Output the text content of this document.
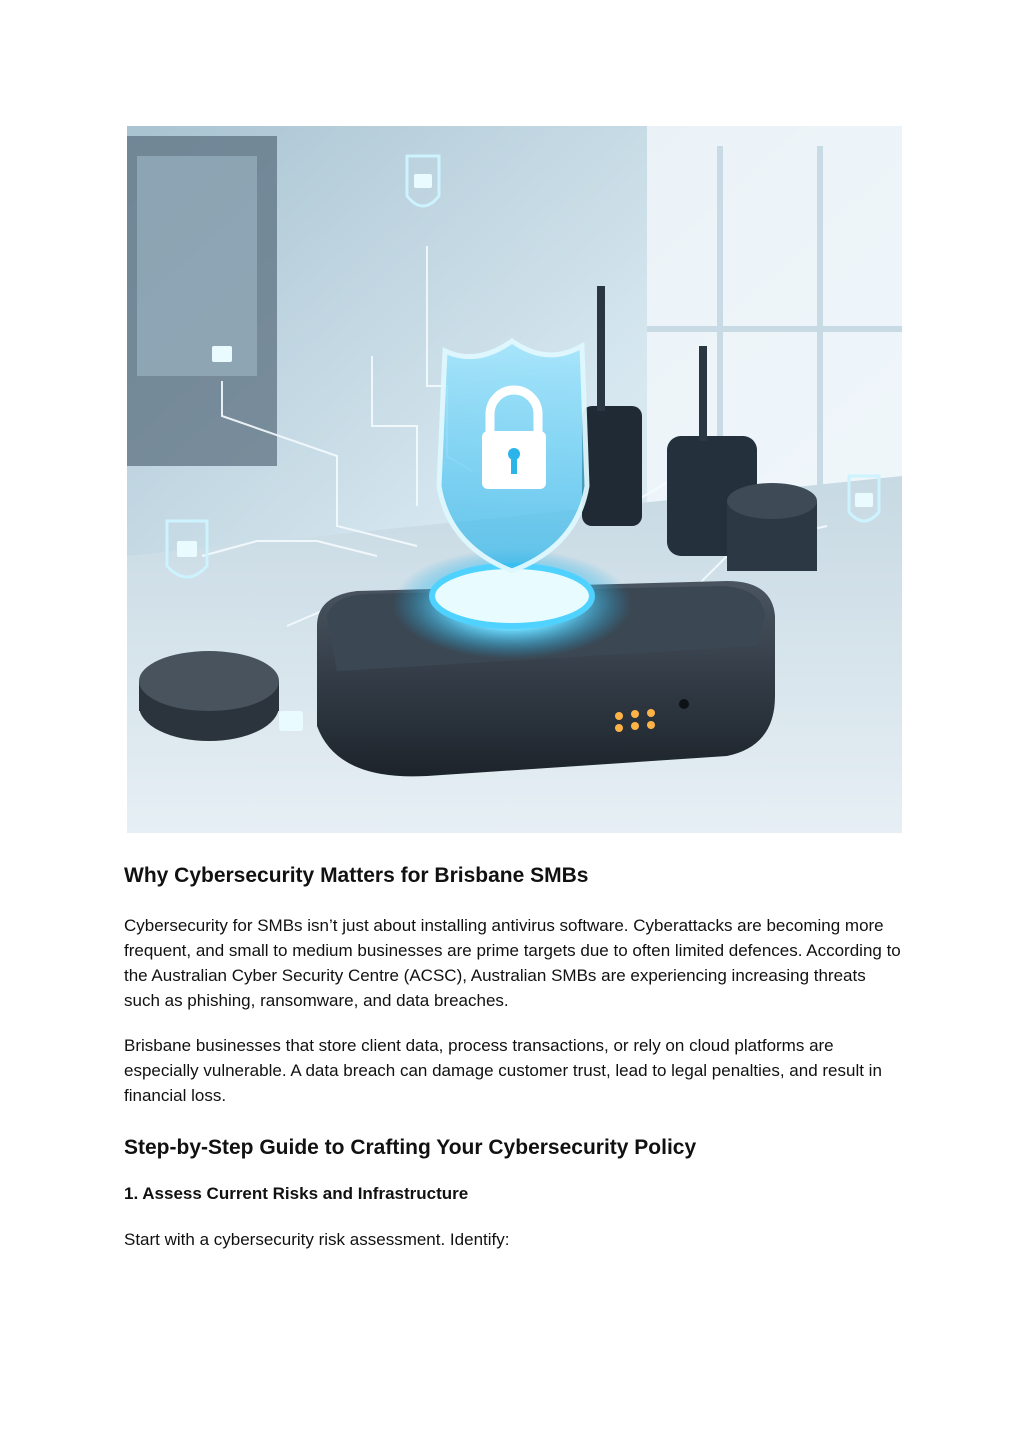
Why Cybersecurity Matters for Brisbane SMBs

Cybersecurity for SMBs isn’t just about installing antivirus software. Cyberattacks are becoming more frequent, and small to medium businesses are prime targets due to often limited defences. According to the Australian Cyber Security Centre (ACSC), Australian SMBs are experiencing increasing threats such as phishing, ransomware, and data breaches.

Brisbane businesses that store client data, process transactions, or rely on cloud platforms are especially vulnerable. A data breach can damage customer trust, lead to legal penalties, and result in financial loss.

Step-by-Step Guide to Crafting Your Cybersecurity Policy
1. Assess Current Risks and Infrastructure

Start with a cybersecurity risk assessment. Identify:
